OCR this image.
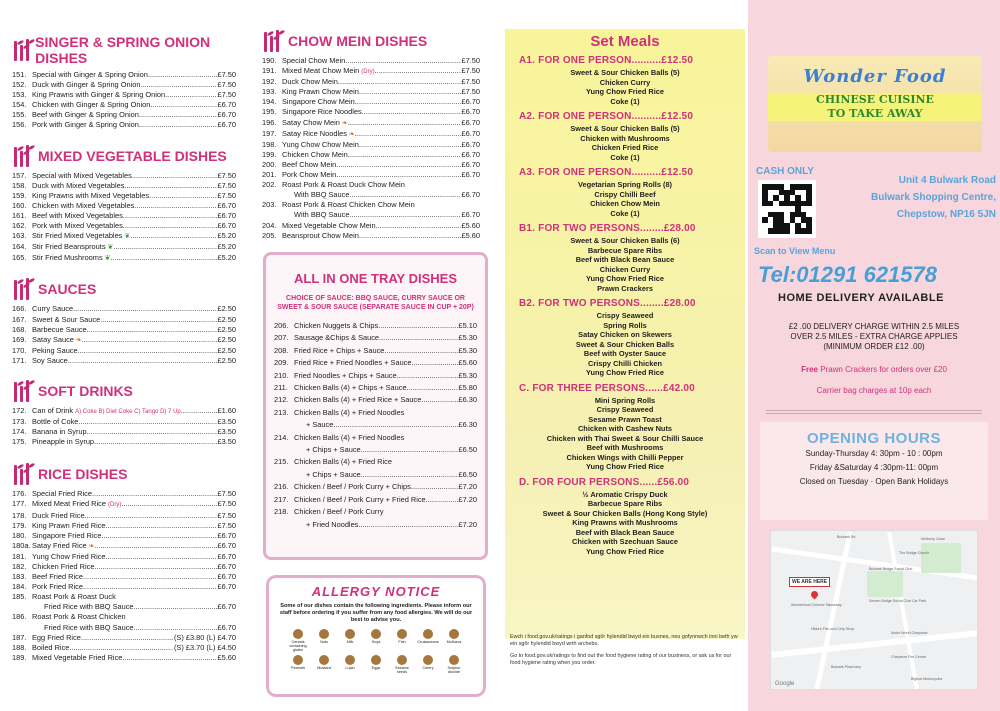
SINGER & SPRING ONION DISHES
151. Special with Ginger & Spring Onion .....	£7.50
152. Duck with Ginger & Spring Onion .....	£7.50
153. King Prawns with Ginger & Spring Onion .....	£7.50
154. Chicken with Ginger & Spring Onion .....	£6.70
155. Beef with Ginger & Spring Onion .....	£6.70
156. Pork with Ginger & Spring Onion .....	£6.70
MIXED VEGETABLE DISHES
157. Special with Mixed Vegetables .....	£7.50
158. Duck with Mixed Vegetables .....	£7.50
159. King Prawns with Mixed Vegetables .....	£7.50
160. Chicken with Mixed Vegetables .....	£6.70
161. Beef with Mixed Vegetables .....	£6.70
162. Pork with Mixed Vegetables .....	£6.70
163. Stir Fried Mixed Vegetables ❦ .....	£5.20
164. Stir Fried Beansprouts ❦ .....	£5.20
165. Stir Fried Mushrooms ❦ .....	£5.20
SAUCES
166. Curry Sauce .....	£2.50
167. Sweet & Sour Sauce .....	£2.50
168. Barbecue Sauce .....	£2.50
169. Satay Sauce ❧ .....	£2.50
170. Peking Sauce .....	£2.50
171. Soy Sauce .....	£2.50
SOFT DRINKS
172. Can of Drink A) Coke B) Diet Coke C) Tango D) 7 Up .....	£1.60
173. Bottle of Coke .....	£3.50
174. Banana in Syrup .....	£3.50
175. Pineapple in Syrup .....	£3.50
RICE DISHES
176. Special Fried Rice .....	£7.50
177. Mixed Meat Fried Rice (Dry) .....	£7.50
178. Duck Fried Rice .....	£7.50
179. King Prawn Fried Rice .....	£7.50
180. Singapore Fried Rice .....	£6.70
180a. Satay Fried Rice ❧ .....	£6.70
181. Yung Chow Fried Rice .....	£6.70
182. Chicken Fried Rice .....	£6.70
183. Beef Fried Rice .....	£6.70
184. Pork Fried Rice .....	£6.70
185. Roast Pork & Roast Duck
Fried Rice with BBQ Sauce .....	£6.70
186. Roast Pork & Roast Chicken
Fried Rice with BBQ Sauce .....	£6.70
187. Egg Fried Rice .....	(S) £3.80 (L) £4.70
188. Boiled Rice .....	(S) £3.70 (L) £4.50
189. Mixed Vegetable Fried Rice .....	£5.60
CHOW MEIN DISHES
190. Special Chow Mein .....	£7.50
191. Mixed Meat Chow Mein (Dry) .....	£7.50
192. Duck Chow Mein .....	£7.50
193. King Prawn Chow Mein .....	£7.50
194. Singapore Chow Mein .....	£6.70
195. Singapore Rice Noodles .....	£6.70
196. Satay Chow Mein ❧ .....	£6.70
197. Satay Rice Noodles ❧ .....	£6.70
198. Yung Chow Chow Mein .....	£6.70
199. Chicken Chow Mein .....	£6.70
200. Beef Chow Mein .....	£6.70
201. Pork Chow Mein .....	£6.70
202. Roast Pork & Roast Duck Chow Mein
With BBQ Sauce .....	£6.70
203. Roast Pork & Roast Chicken Chow Mein
With BBQ Sauce .....	£6.70
204. Mixed Vegetable Chow Mein .....	£5.60
205. Beansprout Chow Mein .....	£5.60
ALL IN ONE TRAY DISHES
CHOICE OF SAUCE: BBQ SAUCE, CURRY SAUCE OR SWEET & SOUR SAUCE (SEPARATE SAUCE IN CUP + 20P)
206. Chicken Nuggets & Chips .....	£5.10
207. Sausage &Chips & Sauce .....	£5.30
208. Fried Rice + Chips + Sauce .....	£5.30
209. Fried Rice + Fried Noodles + Sauce .....	£5.60
210. Fried Noodles + Chips + Sauce .....	£5.30
211. Chicken Balls (4) + Chips + Sauce .....	£5.80
212. Chicken Balls (4) + Fried Rice + Sauce .....	£6.30
213. Chicken Balls (4) + Fried Noodles
+ Sauce .....	£6.30
214. Chicken Balls (4) + Fried Noodles
+ Chips + Sauce .....	£6.50
215. Chicken Balls (4) + Fried Rice
+ Chips + Sauce .....	£6.50
216. Chicken / Beef / Pork Curry + Chips .....	£7.20
217. Chicken / Beef / Pork Curry + Fried Rice .....	£7.20
218. Chicken / Beef / Pork Curry
+ Fried Noodles .....	£7.20
ALLERGY NOTICE

Some of our dishes contain the following ingredients. Please inform our staff before ordering if you suffer from any food allergies. We will do our best to advise you.

Cereals containing gluten
Nuts	Milk	Soya	Fish	Crustaceans	Molluscs
Peanuts	Mustard	Lupin	Eggs	Sesame seeds
Celery	Sulphur dioxide
Set Meals
A1. FOR ONE PERSON..........£12.50
Sweet & Sour Chicken Balls (5)
Chicken Curry
Yung Chow Fried Rice
Coke (1)
A2. FOR ONE PERSON..........£12.50
Sweet & Sour Chicken Balls (5)
Chicken with Mushrooms
Chicken Fried Rice
Coke (1)
A3. FOR ONE PERSON..........£12.50
Vegetarian Spring Rolls (8)
Crispy Chilli Beef
Chicken Chow Mein
Coke (1)
B1. FOR TWO PERSONS........£28.00
Sweet & Sour Chicken Balls (6)
Barbecue Spare Ribs
Beef with Black Bean Sauce
Chicken Curry
Yung Chow Fried Rice
Prawn Crackers
B2. FOR TWO PERSONS........£28.00
Crispy Seaweed
Spring Rolls
Satay Chicken on Skewers
Sweet & Sour Chicken Balls
Beef with Oyster Sauce
Crispy Chilli Chicken
Yung Chow Fried Rice
C. FOR THREE PERSONS......£42.00
Mini Spring Rolls
Crispy Seaweed
Sesame Prawn Toast
Chicken with Cashew Nuts
Chicken with Thai Sweet & Sour Chilli Sauce
Beef with Mushrooms
Chicken Wings with Chilli Pepper
Yung Chow Fried Rice
D. FOR FOUR PERSONS......£56.00
½ Aromatic Crispy Duck
Barbecue Spare Ribs
Sweet & Sour Chicken Balls (Hong Kong Style)
King Prawns with Mushrooms
Beef with Black Bean Sauce
Chicken with Szechuan Sauce
Yung Chow Fried Rice

Ewch i food.gov.uk/ratings i ganfod sgôr hylendid bwyd ein busnes, neu gofynnwch inni beth yw ein sgôr hylendid bwyd wrth archebu.

Go to food.gov.uk/ratings to find out the food hygiene rating of our business, or ask us for our food hygiene rating when you order.

Wonder Food
CHINESE CUISINE
TO TAKE AWAY
CASH ONLY
Scan to View Menu
Unit 4 Bulwark Road
Bulwark Shopping Centre,
Chepstow, NP16 5JN
Tel:01291 621578
HOME DELIVERY AVAILABLE
£2 .00 DELIVERY CHARGE WITHIN 2.5 MILES
OVER 2.5 MILES - EXTRA CHARGE APPLIES
(MINIMUM ORDER £12 .00)
Free Prawn Crackers for orders over £20
Carrier bag charges at 10p each
OPENING HOURS

Sunday-Thursday 4: 30pm - 10 : 00pm

Friday &Saturday 4 :30pm-11: 00pm

Closed on Tuesday · Open Bank Holidays

The Bridge Church
Bulwark Rd
Wonderfood Chinese Takeaway
Mulberry Close
Bulwark Bridge Social Club
Severn Bridge Social Club Car Park
Hilda's Fish and Chip Shop
Motor World Chepstow
Chepstow Fire Centre
Bulwark Pharmacy
Bigfoot Motorcycles
WE ARE HERE
Google
